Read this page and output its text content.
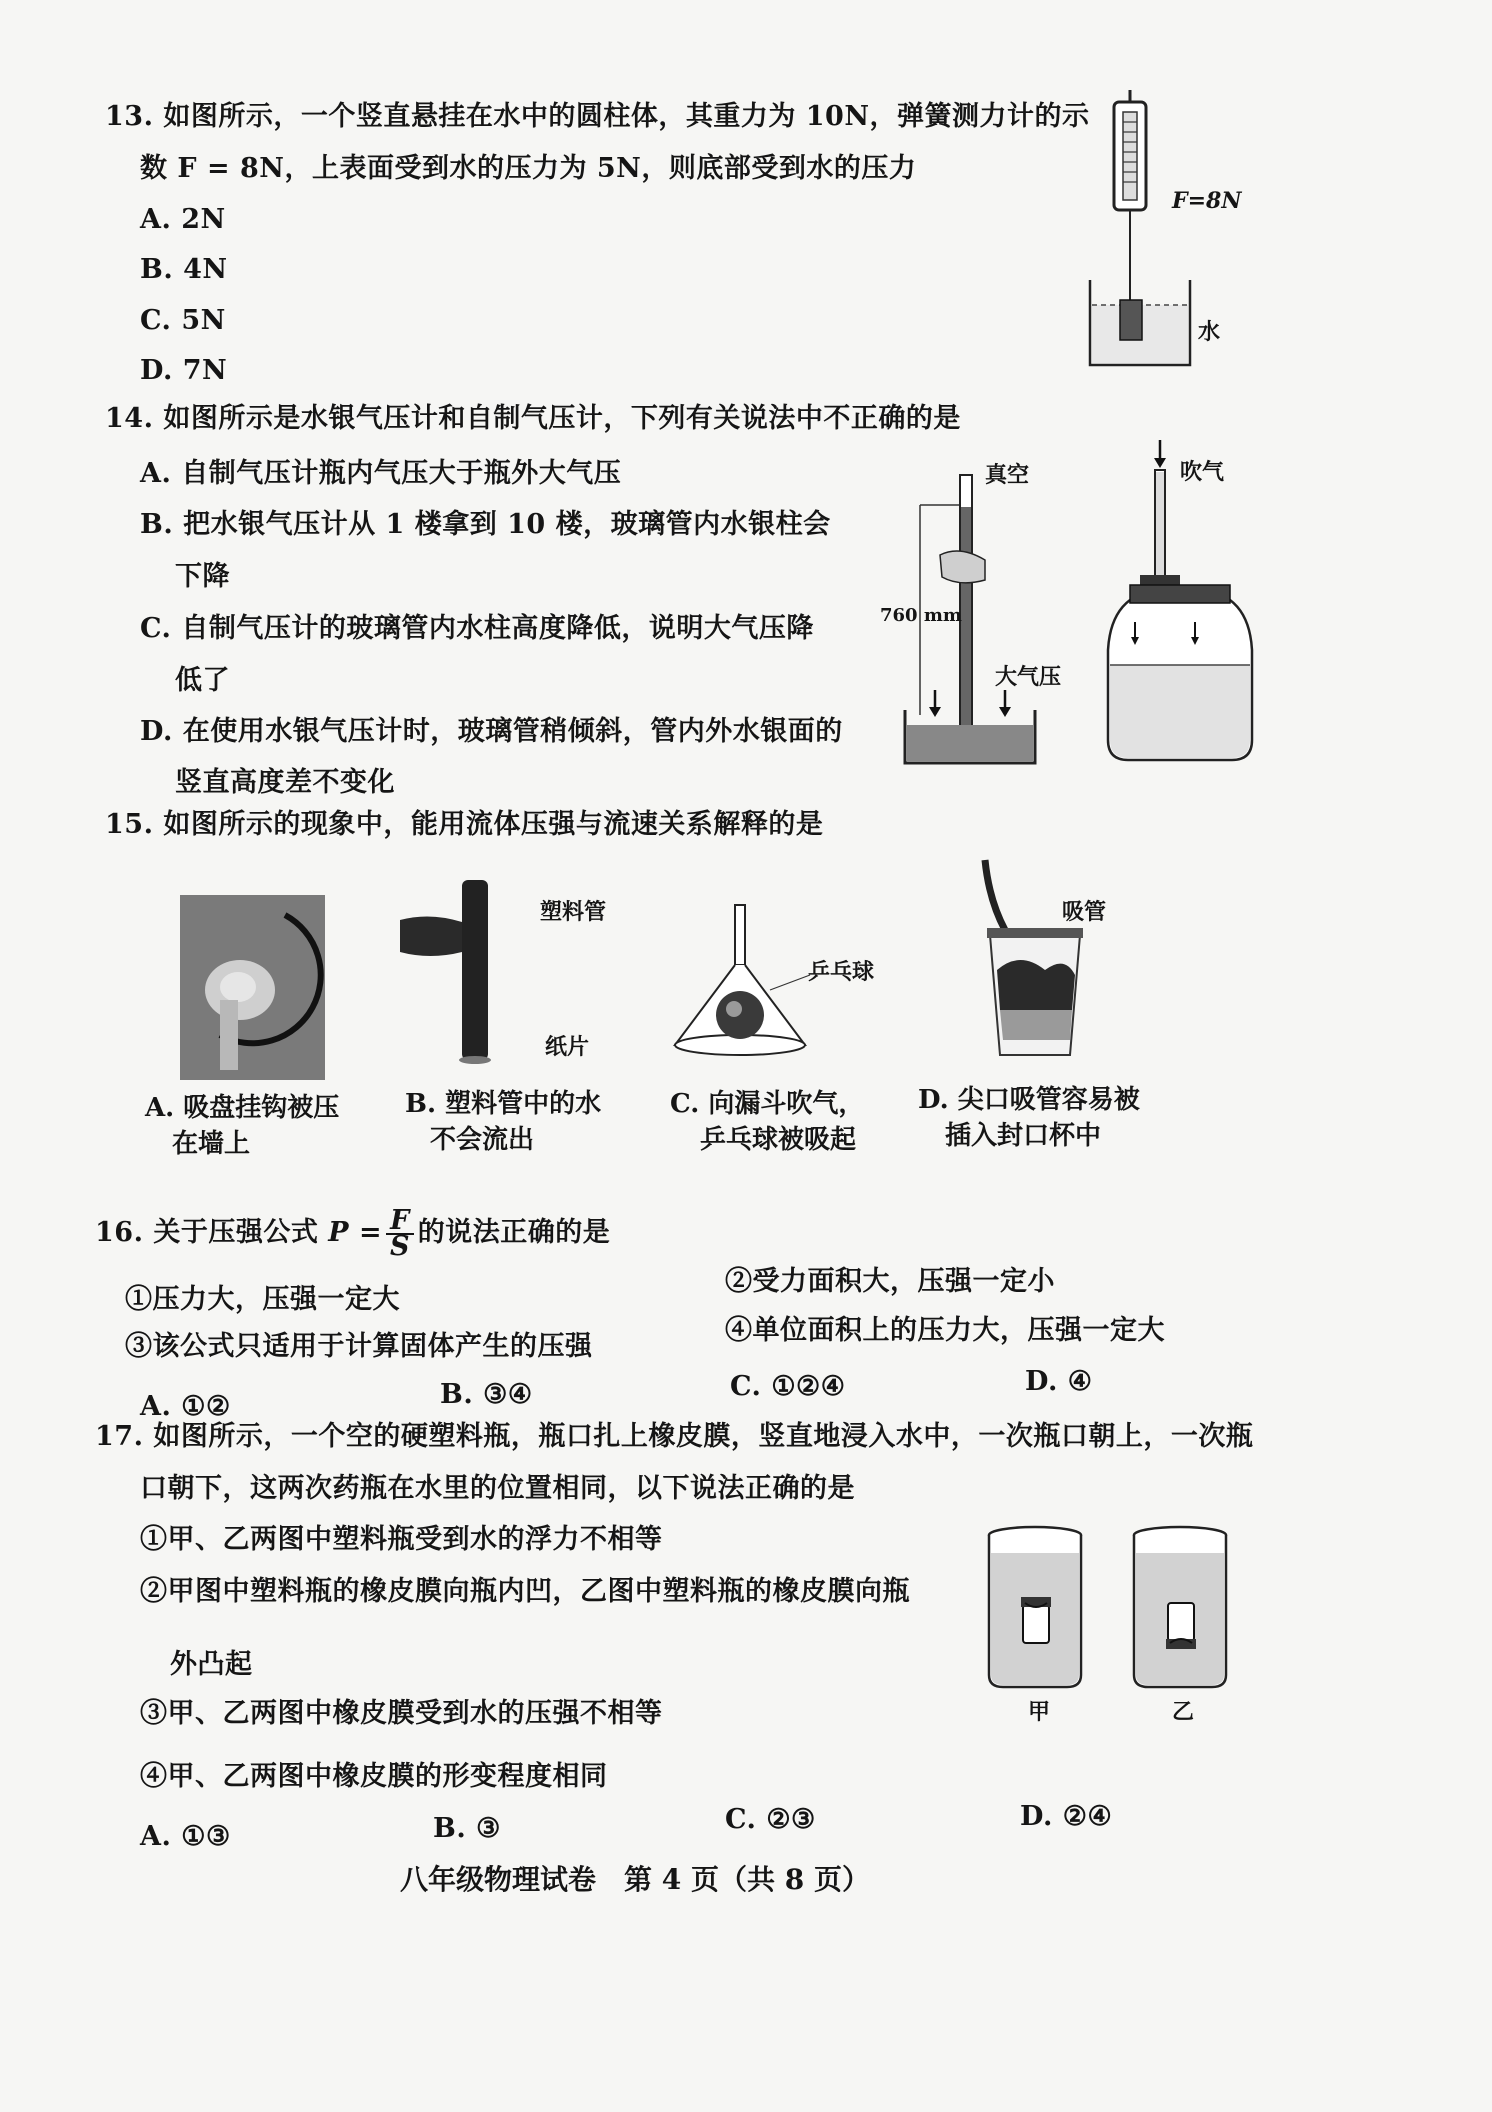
13. 如图所示，一个竖直悬挂在水中的圆柱体，其重力为 10N，弹簧测力计的示
数 F = 8N，上表面受到水的压力为 5N，则底部受到水的压力
A. 2N
B. 4N
C. 5N
D. 7N
F=8N
水
14. 如图所示是水银气压计和自制气压计，下列有关说法中不正确的是
A. 自制气压计瓶内气压大于瓶外大气压
B. 把水银气压计从 1 楼拿到 10 楼，玻璃管内水银柱会
下降
C. 自制气压计的玻璃管内水柱高度降低，说明大气压降
低了
D. 在使用水银气压计时，玻璃管稍倾斜，管内外水银面的
竖直高度差不变化
真空
760 mm
大气压
吹气
15. 如图所示的现象中，能用流体压强与流速关系解释的是
塑料管
纸片
乒乓球
吸管
A. 吸盘挂钩被压
在墙上
B. 塑料管中的水
不会流出
C. 向漏斗吹气，
乒乓球被吸起
D. 尖口吸管容易被
插入封口杯中
16. 关于压强公式 $P = \frac{F}{S}$ 的说法正确的是
①压力大，压强一定大
②受力面积大，压强一定小
③该公式只适用于计算固体产生的压强
④单位面积上的压力大，压强一定大
A. ①②	B. ③④	C. ①②④	D. ④
17. 如图所示，一个空的硬塑料瓶，瓶口扎上橡皮膜，竖直地浸入水中，一次瓶口朝上，一次瓶
口朝下，这两次药瓶在水里的位置相同，以下说法正确的是
①甲、乙两图中塑料瓶受到水的浮力不相等
②甲图中塑料瓶的橡皮膜向瓶内凹，乙图中塑料瓶的橡皮膜向瓶
外凸起
③甲、乙两图中橡皮膜受到水的压强不相等
④甲、乙两图中橡皮膜的形变程度相同
A. ①③	B. ③	C. ②③	D. ②④
甲	乙
八年级物理试卷　第 4 页（共 8 页）
